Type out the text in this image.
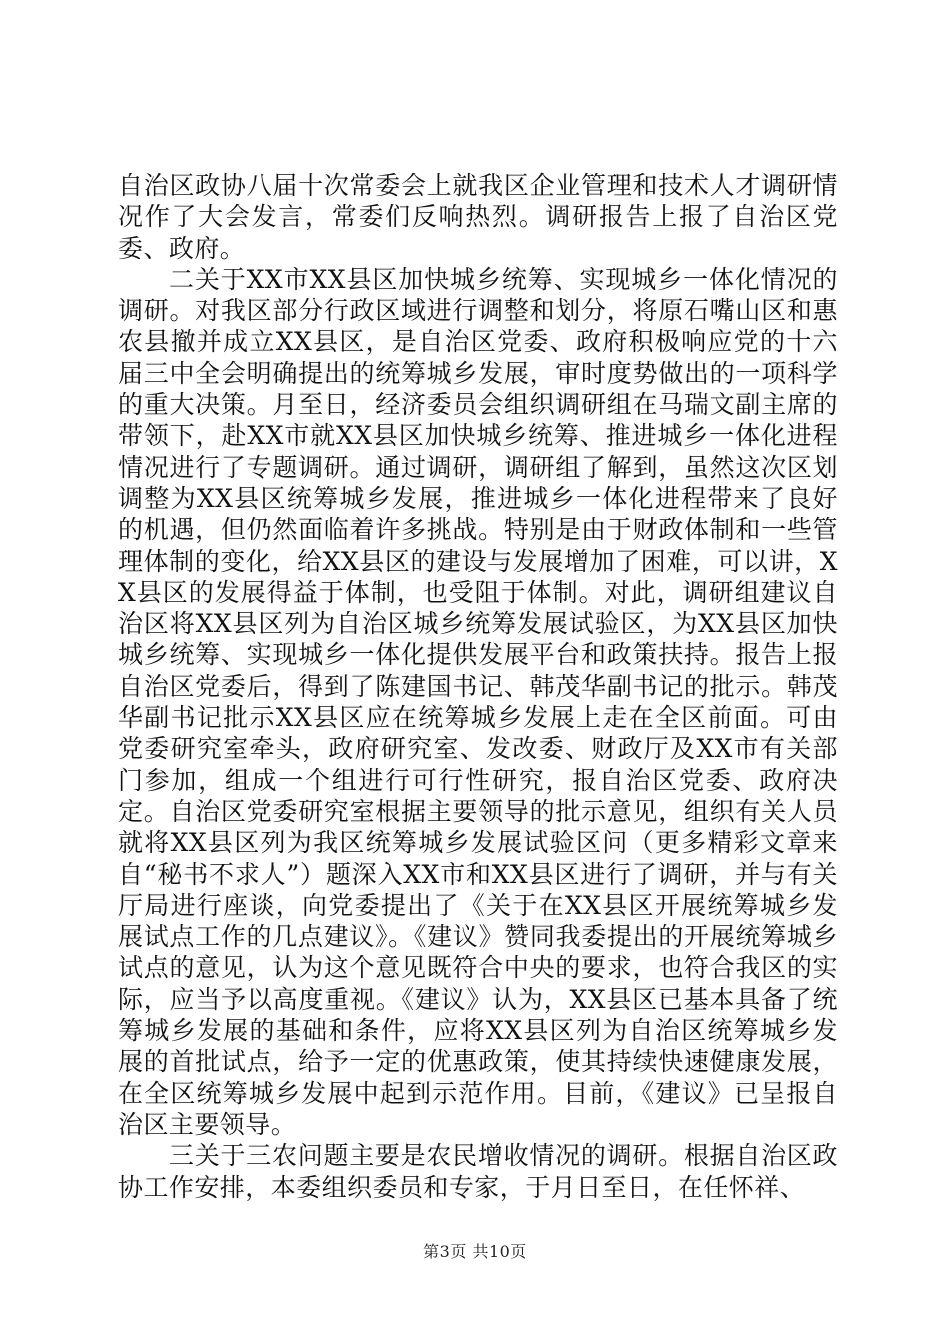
自治区政协八届十次常委会上就我区企业管理和技术人才调研情况作了大会发言，常委们反响热烈。调研报告上报了自治区党委、政府。

二关于XX市XX县区加快城乡统筹、实现城乡一体化情况的调研。对我区部分行政区域进行调整和划分，将原石嘴山区和惠农县撤并成立XX县区，是自治区党委、政府积极响应党的十六届三中全会明确提出的统筹城乡发展，审时度势做出的一项科学的重大决策。月至日，经济委员会组织调研组在马瑞文副主席的带领下，赴XX市就XX县区加快城乡统筹、推进城乡一体化进程情况进行了专题调研。通过调研，调研组了解到，虽然这次区划调整为XX县区统筹城乡发展，推进城乡一体化进程带来了良好的机遇，但仍然面临着许多挑战。特别是由于财政体制和一些管理体制的变化，给XX县区的建设与发展增加了困难，可以讲，XX县区的发展得益于体制，也受阻于体制。对此，调研组建议自治区将XX县区列为自治区城乡统筹发展试验区，为XX县区加快城乡统筹、实现城乡一体化提供发展平台和政策扶持。报告上报自治区党委后，得到了陈建国书记、韩茂华副书记的批示。韩茂华副书记批示XX县区应在统筹城乡发展上走在全区前面。可由党委研究室牵头，政府研究室、发改委、财政厅及XX市有关部门参加，组成一个组进行可行性研究，报自治区党委、政府决定。自治区党委研究室根据主要领导的批示意见，组织有关人员就将XX县区列为我区统筹城乡发展试验区问（更多精彩文章来自“秘书不求人”）题深入XX市和XX县区进行了调研，并与有关厅局进行座谈，向党委提出了《关于在XX县区开展统筹城乡发展试点工作的几点建议》。《建议》赞同我委提出的开展统筹城乡试点的意见，认为这个意见既符合中央的要求，也符合我区的实际，应当予以高度重视。《建议》认为，XX县区已基本具备了统筹城乡发展的基础和条件，应将XX县区列为自治区统筹城乡发展的首批试点，给予一定的优惠政策，使其持续快速健康发展，在全区统筹城乡发展中起到示范作用。目前，《建议》已呈报自治区主要领导。

三关于三农问题主要是农民增收情况的调研。根据自治区政协工作安排，本委组织委员和专家，于月日至日，在任怀祥、

第3页 共10页
